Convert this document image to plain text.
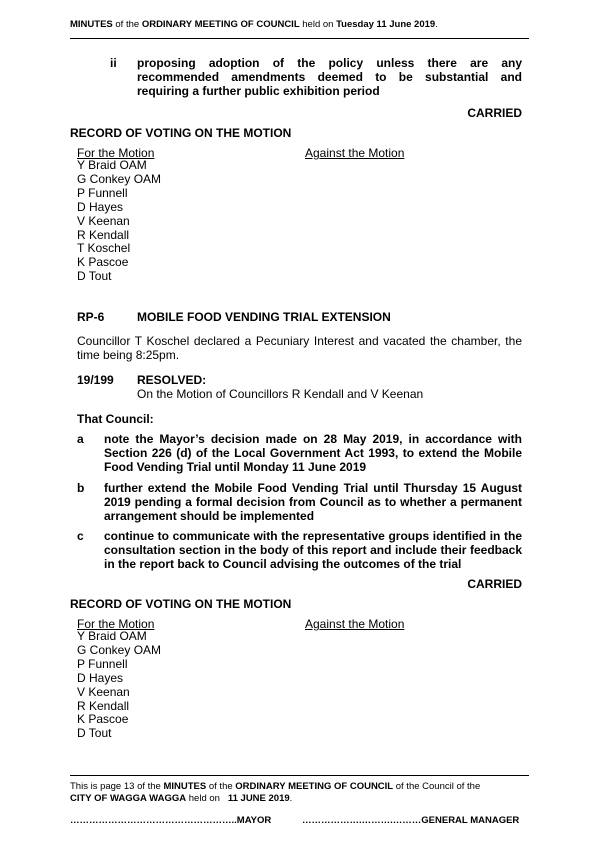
MINUTES of the ORDINARY MEETING OF COUNCIL held on Tuesday 11 June 2019.
ii proposing adoption of the policy unless there are any recommended amendments deemed to be substantial and requiring a further public exhibition period
CARRIED
RECORD OF VOTING ON THE MOTION
For the Motion	Against the Motion
Y Braid OAM
G Conkey OAM
P Funnell
D Hayes
V Keenan
R Kendall
T Koschel
K Pascoe
D Tout
RP-6	MOBILE FOOD VENDING TRIAL EXTENSION
Councillor T Koschel declared a Pecuniary Interest and vacated the chamber, the time being 8:25pm.
19/199 RESOLVED:
On the Motion of Councillors R Kendall and V Keenan
That Council:
a note the Mayor’s decision made on 28 May 2019, in accordance with Section 226 (d) of the Local Government Act 1993, to extend the Mobile Food Vending Trial until Monday 11 June 2019
b further extend the Mobile Food Vending Trial until Thursday 15 August 2019 pending a formal decision from Council as to whether a permanent arrangement should be implemented
c continue to communicate with the representative groups identified in the consultation section in the body of this report and include their feedback in the report back to Council advising the outcomes of the trial
CARRIED
RECORD OF VOTING ON THE MOTION
For the Motion	Against the Motion
Y Braid OAM
G Conkey OAM
P Funnell
D Hayes
V Keenan
R Kendall
K Pascoe
D Tout
This is page 13 of the MINUTES of the ORDINARY MEETING OF COUNCIL of the Council of the
CITY OF WAGGA WAGGA held on   11 JUNE 2019.
……………………………………………..MAYOR	……………….……….………GENERAL MANAGER
